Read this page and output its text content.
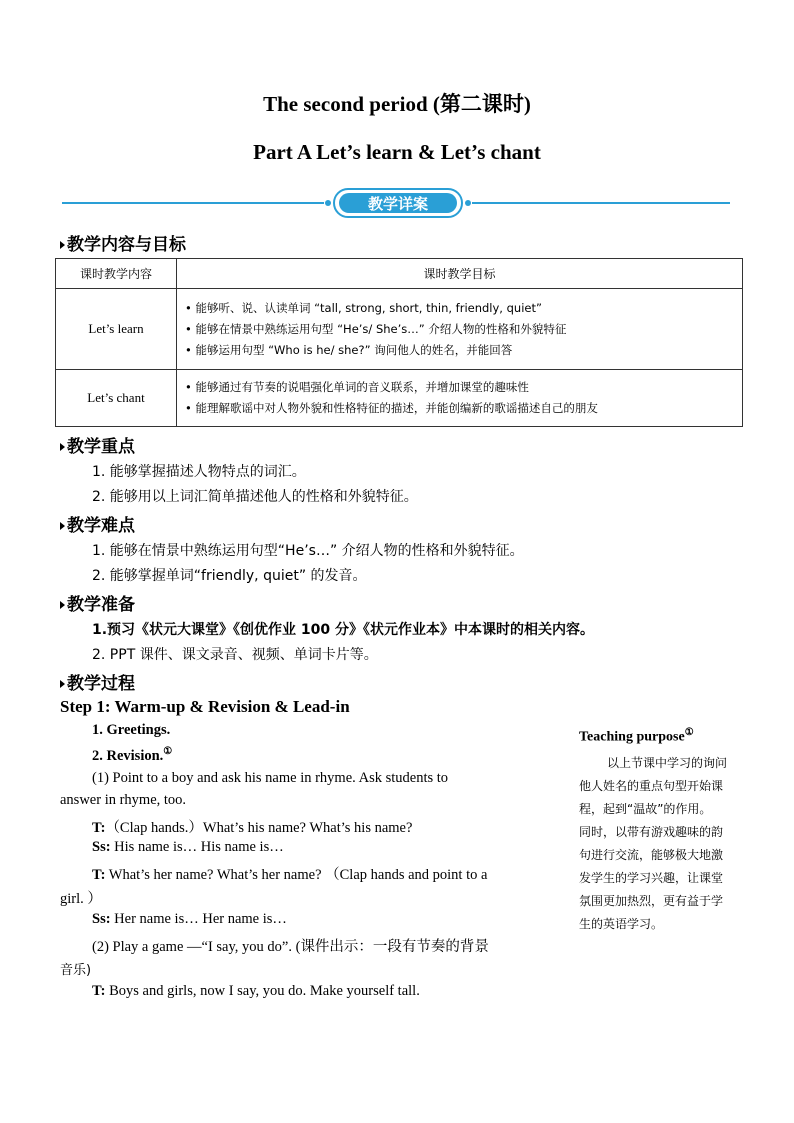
The second period (第二课时)
Part A Let’s learn & Let’s chant
教学详案
教学内容与目标
课时教学内容	课时教学目标
Let’s learn	• 能够听、说、认读单词 “tall, strong, short, thin, friendly, quiet”
• 能够在情景中熟练运用句型 “He’s/ She’s…” 介绍人物的性格和外貌特征
• 能够运用句型 “Who is he/ she?” 询问他人的姓名，并能回答

Let’s chant	• 能够通过有节奏的说唱强化单词的音义联系，并增加课堂的趣味性
• 能理解歌谣中对人物外貌和性格特征的描述，并能创编新的歌谣描述自己的朋友
教学重点
1. 能够掌握描述人物特点的词汇。
2. 能够用以上词汇简单描述他人的性格和外貌特征。
教学难点
1. 能够在情景中熟练运用句型“He’s…” 介绍人物的性格和外貌特征。
2. 能够掌握单词“friendly, quiet” 的发音。
教学准备
1.预习《状元大课堂》《创优作业 100 分》《状元作业本》中本课时的相关内容。
2. PPT 课件、课文录音、视频、单词卡片等。
教学过程
Step 1: Warm-up & Revision & Lead-in
1. Greetings.
2. Revision.①
(1) Point to a boy and ask his name in rhyme. Ask students to
answer in rhyme, too.
T:（Clap hands.）What’s his name? What’s his name?
Ss: His name is… His name is…
T: What’s her name? What’s her name? （Clap hands and point to a
girl. ）
Ss: Her name is… Her name is…
(2) Play a game —“I say, you do”. (课件出示：一段有节奏的背景
音乐)
T: Boys and girls, now I say, you do. Make yourself tall.
Teaching purpose①
以上节课中学习的询问
他人姓名的重点句型开始课
程，起到“温故”的作用。
同时，以带有游戏趣味的韵
句进行交流，能够极大地激
发学生的学习兴趣，让课堂
氛围更加热烈，更有益于学
生的英语学习。
